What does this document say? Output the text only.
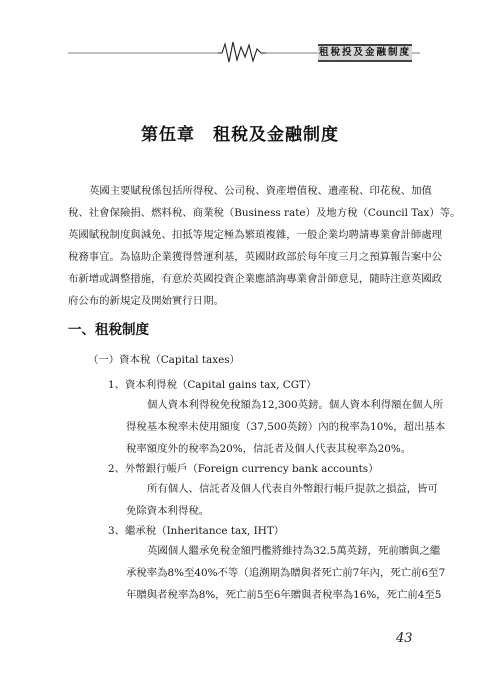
租稅投及金融制度
第伍章 租稅及金融制度
英國主要賦稅係包括所得稅、公司稅、資產增值稅、遺產稅、印花稅、加值
稅、社會保險捐、燃料稅、商業稅（Business rate）及地方稅（Council Tax）等。
英國賦稅制度與減免、扣抵等規定極為繁瑣複雜，一般企業均聘請專業會計師處理
稅務事宜。為協助企業獲得營運利基，英國財政部於每年度三月之預算報告案中公
布新增或調整措施，有意於英國投資企業應諮詢專業會計師意見，隨時注意英國政
府公布的新規定及開始實行日期。
一、租稅制度
（一）資本稅（Capital taxes）
1、資本利得稅（Capital gains tax, CGT）
個人資本利得稅免稅額為12,300英鎊。個人資本利得額在個人所
得稅基本稅率未使用額度（37,500英鎊）內的稅率為10%，超出基本
稅率額度外的稅率為20%，信託者及個人代表其稅率為20%。
2、外幣銀行帳戶（Foreign currency bank accounts）
所有個人、信託者及個人代表自外幣銀行帳戶提款之損益，皆可
免除資本利得稅。
3、繼承稅（Inheritance tax, IHT）
英國個人繼承免稅金額門檻將維持為32.5萬英鎊，死前贈與之繼
承稅率為8%至40%不等（追溯期為贈與者死亡前7年內，死亡前6至7
年贈與者稅率為8%，死亡前5至6年贈與者稅率為16%，死亡前4至5
43
